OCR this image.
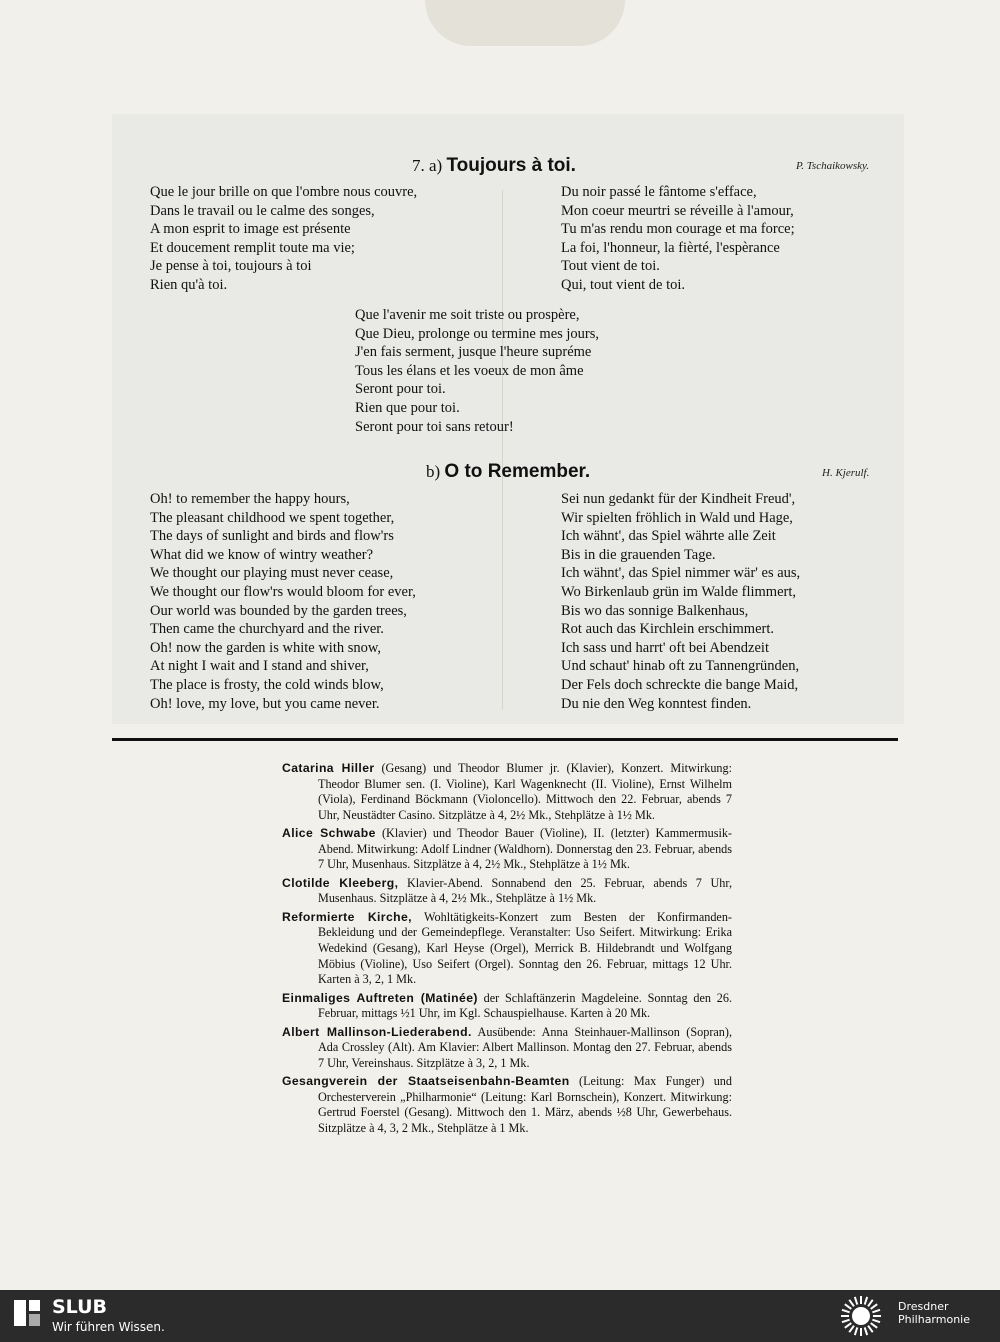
7. a) Toujours à toi.	P. Tschaikowsky.
Que le jour brille on que l'ombre nous couvre,
Dans le travail ou le calme des songes,
A mon esprit to image est présente
Et doucement remplit toute ma vie;
Je pense à toi, toujours à toi
Rien qu'à toi.
Du noir passé le fântome s'efface,
Mon coeur meurtri se réveille à l'amour,
Tu m'as rendu mon courage et ma force;
La foi, l'honneur, la fièrté, l'espèrance
Tout vient de toi.
Qui, tout vient de toi.
Que l'avenir me soit triste ou prospère,
Que Dieu, prolonge ou termine mes jours,
J'en fais serment, jusque l'heure supréme
Tous les élans et les voeux de mon âme
Seront pour toi.
Rien que pour toi.
Seront pour toi sans retour!
b) O to Remember.	H. Kjerulf.
Oh! to remember the happy hours,
The pleasant childhood we spent together,
The days of sunlight and birds and flow'rs
What did we know of wintry weather?
We thought our playing must never cease,
We thought our flow'rs would bloom for ever,
Our world was bounded by the garden trees,
Then came the churchyard and the river.
Oh! now the garden is white with snow,
At night I wait and I stand and shiver,
The place is frosty, the cold winds blow,
Oh! love, my love, but you came never.
Sei nun gedankt für der Kindheit Freud',
Wir spielten fröhlich in Wald und Hage,
Ich wähnt', das Spiel währte alle Zeit
Bis in die grauenden Tage.
Ich wähnt', das Spiel nimmer wär' es aus,
Wo Birkenlaub grün im Walde flimmert,
Bis wo das sonnige Balkenhaus,
Rot auch das Kirchlein erschimmert.
Ich sass und harrt' oft bei Abendzeit
Und schaut' hinab oft zu Tannengründen,
Der Fels doch schreckte die bange Maid,
Du nie den Weg konntest finden.
Catarina Hiller (Gesang) und Theodor Blumer jr. (Klavier), Konzert. Mitwirkung: Theodor Blumer sen. (I. Violine), Karl Wagenknecht (II. Violine), Ernst Wilhelm (Viola), Ferdinand Böckmann (Violoncello). Mittwoch den 22. Februar, abends 7 Uhr, Neustädter Casino. Sitzplätze à 4, 2½ Mk., Stehplätze à 1½ Mk.
Alice Schwabe (Klavier) und Theodor Bauer (Violine), II. (letzter) Kammermusik-Abend. Mitwirkung: Adolf Lindner (Waldhorn). Donnerstag den 23. Februar, abends 7 Uhr, Musenhaus. Sitzplätze à 4, 2½ Mk., Stehplätze à 1½ Mk.
Clotilde Kleeberg, Klavier-Abend. Sonnabend den 25. Februar, abends 7 Uhr, Musenhaus. Sitzplätze à 4, 2½ Mk., Stehplätze à 1½ Mk.
Reformierte Kirche, Wohltätigkeits-Konzert zum Besten der Konfirmanden-Bekleidung und der Gemeindepflege. Veranstalter: Uso Seifert. Mitwirkung: Erika Wedekind (Gesang), Karl Heyse (Orgel), Merrick B. Hildebrandt und Wolfgang Möbius (Violine), Uso Seifert (Orgel). Sonntag den 26. Februar, mittags 12 Uhr. Karten à 3, 2, 1 Mk.
Einmaliges Auftreten (Matinée) der Schlaftänzerin Magdeleine. Sonntag den 26. Februar, mittags ½1 Uhr, im Kgl. Schauspielhause. Karten à 20 Mk.
Albert Mallinson-Liederabend. Ausübende: Anna Steinhauer-Mallinson (Sopran), Ada Crossley (Alt). Am Klavier: Albert Mallinson. Montag den 27. Februar, abends 7 Uhr, Vereinshaus. Sitzplätze à 3, 2, 1 Mk.
Gesangverein der Staatseisenbahn-Beamten (Leitung: Max Funger) und Orchesterverein „Philharmonie“ (Leitung: Karl Bornschein), Konzert. Mitwirkung: Gertrud Foerstel (Gesang). Mittwoch den 1. März, abends ½8 Uhr, Gewerbehaus. Sitzplätze à 4, 3, 2 Mk., Stehplätze à 1 Mk.
SLUB
Wir führen Wissen.
Dresdner
Philharmonie
